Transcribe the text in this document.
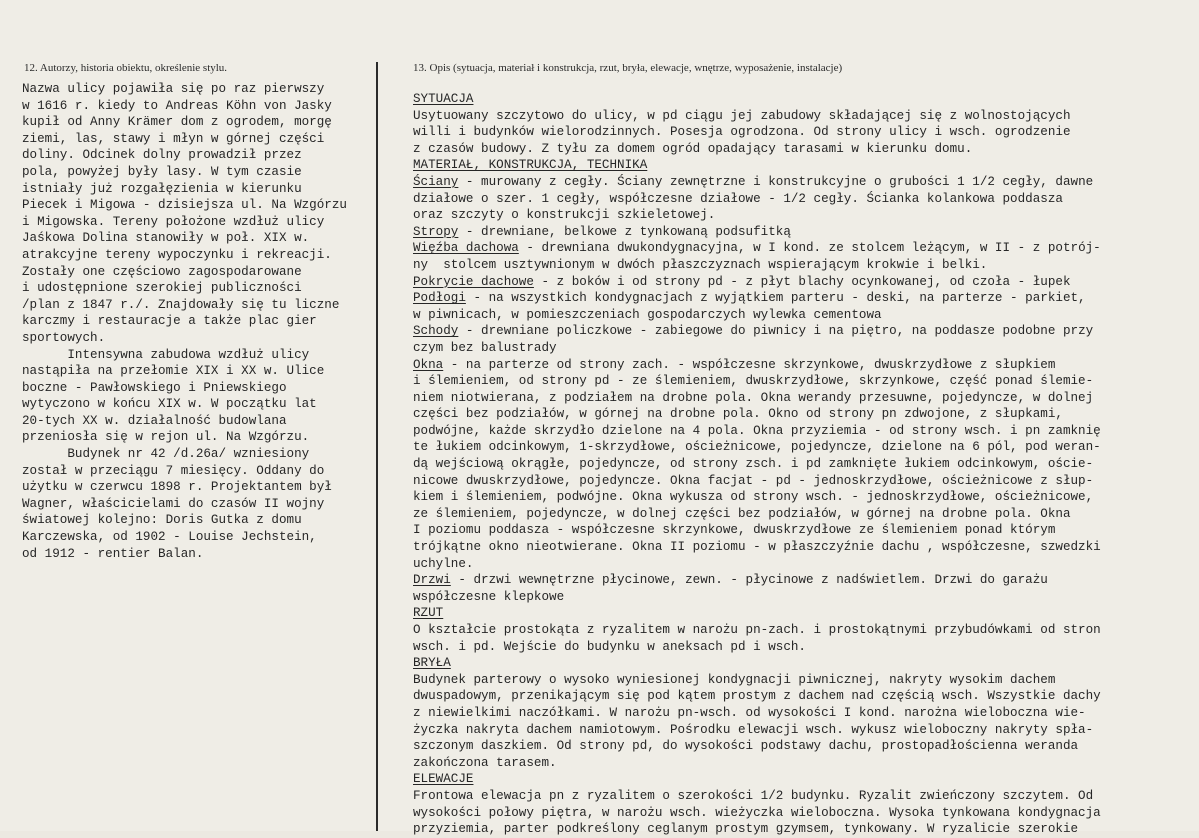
12. Autorzy, historia obiektu, określenie stylu.	13. Opis (sytuacja, materiał i konstrukcja, rzut, bryła, elewacje, wnętrze, wyposażenie, instalacje)
Nazwa ulicy pojawiła się po raz pierwszy
w 1616 r. kiedy to Andreas Köhn von Jasky
kupił od Anny Krämer dom z ogrodem, morgę
ziemi, las, stawy i młyn w górnej części
doliny. Odcinek dolny prowadził przez
pola, powyżej były lasy. W tym czasie
istniały już rozgałęzienia w kierunku
Piecek i Migowa - dzisiejsza ul. Na Wzgórzu
i Migowska. Tereny położone wzdłuż ulicy
Jaśkowa Dolina stanowiły w poł. XIX w.
atrakcyjne tereny wypoczynku i rekreacji.
Zostały one częściowo zagospodarowane
i udostępnione szerokiej publiczności
/plan z 1847 r./. Znajdowały się tu liczne
karczmy i restauracje a także plac gier
sportowych.
Intensywna zabudowa wzdłuż ulicy
nastąpiła na przełomie XIX i XX w. Ulice
boczne - Pawłowskiego i Pniewskiego
wytyczono w końcu XIX w. W początku lat
20-tych XX w. działalność budowlana
przeniosła się w rejon ul. Na Wzgórzu.
Budynek nr 42 /d.26a/ wzniesiony
został w przeciągu 7 miesięcy. Oddany do
użytku w czerwcu 1898 r. Projektantem był
Wagner, właścicielami do czasów II wojny
światowej kolejno: Doris Gutka z domu
Karczewska, od 1902 - Louise Jechstein,
od 1912 - rentier Balan.
SYTUACJA
Usytuowany szczytowo do ulicy, w pd ciągu jej zabudowy składającej się z wolnostojących
willi i budynków wielorodzinnych. Posesja ogrodzona. Od strony ulicy i wsch. ogrodzenie
z czasów budowy. Z tyłu za domem ogród opadający tarasami w kierunku domu.
MATERIAŁ, KONSTRUKCJA, TECHNIKA
Ściany - murowany z cegły. Ściany zewnętrzne i konstrukcyjne o grubości 1 1/2 cegły, dawne
działowe o szer. 1 cegły, współczesne działowe - 1/2 cegły. Ścianka kolankowa poddasza
oraz szczyty o konstrukcji szkieletowej.
Stropy - drewniane, belkowe z tynkowaną podsufitką
Więźba dachowa - drewniana dwukondygnacyjna, w I kond. ze stolcem leżącym, w II - z potrój-
ny  stolcem usztywnionym w dwóch płaszczyznach wspierającym krokwie i belki.
Pokrycie dachowe - z boków i od strony pd - z płyt blachy ocynkowanej, od czoła - łupek
Podłogi - na wszystkich kondygnacjach z wyjątkiem parteru - deski, na parterze - parkiet,
w piwnicach, w pomieszczeniach gospodarczych wylewka cementowa
Schody - drewniane policzkowe - zabiegowe do piwnicy i na piętro, na poddasze podobne przy
czym bez balustrady
Okna - na parterze od strony zach. - współczesne skrzynkowe, dwuskrzydłowe z słupkiem
i ślemieniem, od strony pd - ze ślemieniem, dwuskrzydłowe, skrzynkowe, część ponad ślemie-
niem niotwierana, z podziałem na drobne pola. Okna werandy przesuwne, pojedyncze, w dolnej
części bez podziałów, w górnej na drobne pola. Okno od strony pn zdwojone, z słupkami,
podwójne, każde skrzydło dzielone na 4 pola. Okna przyziemia - od strony wsch. i pn zamknię
te łukiem odcinkowym, 1-skrzydłowe, ościeżnicowe, pojedyncze, dzielone na 6 pól, pod weran-
dą wejściową okrągłe, pojedyncze, od strony zsch. i pd zamknięte łukiem odcinkowym, oście-
nicowe dwuskrzydłowe, pojedyncze. Okna facjat - pd - jednoskrzydłowe, ościeżnicowe z słup-
kiem i ślemieniem, podwójne. Okna wykusza od strony wsch. - jednoskrzydłowe, ościeżnicowe,
ze ślemieniem, pojedyncze, w dolnej części bez podziałów, w górnej na drobne pola. Okna
I poziomu poddasza - współczesne skrzynkowe, dwuskrzydłowe ze ślemieniem ponad którym
trójkątne okno nieotwierane. Okna II poziomu - w płaszczyźnie dachu , współczesne, szwedzki
uchylne.
Drzwi - drzwi wewnętrzne płycinowe, zewn. - płycinowe z nadświetlem. Drzwi do garażu
współczesne klepkowe
RZUT
O kształcie prostokąta z ryzalitem w narożu pn-zach. i prostokątnymi przybudówkami od stron
wsch. i pd. Wejście do budynku w aneksach pd i wsch.
BRYŁA
Budynek parterowy o wysoko wyniesionej kondygnacji piwnicznej, nakryty wysokim dachem
dwuspadowym, przenikającym się pod kątem prostym z dachem nad częścią wsch. Wszystkie dachy
z niewielkimi naczółkami. W narożu pn-wsch. od wysokości I kond. narożna wieloboczna wie-
życzka nakryta dachem namiotowym. Pośrodku elewacji wsch. wykusz wieloboczny nakryty spła-
szczonym daszkiem. Od strony pd, do wysokości podstawy dachu, prostopadłościenna weranda
zakończona tarasem.
ELEWACJE
Frontowa elewacja pn z ryzalitem o szerokości 1/2 budynku. Ryzalit zwieńczony szczytem. Od
wysokości połowy piętra, w narożu wsch. wieżyczka wieloboczna. Wysoka tynkowana kondygnacja
przyziemia, parter podkreślony ceglanym prostym gzymsem, tynkowany. W ryzalicie szerokie
